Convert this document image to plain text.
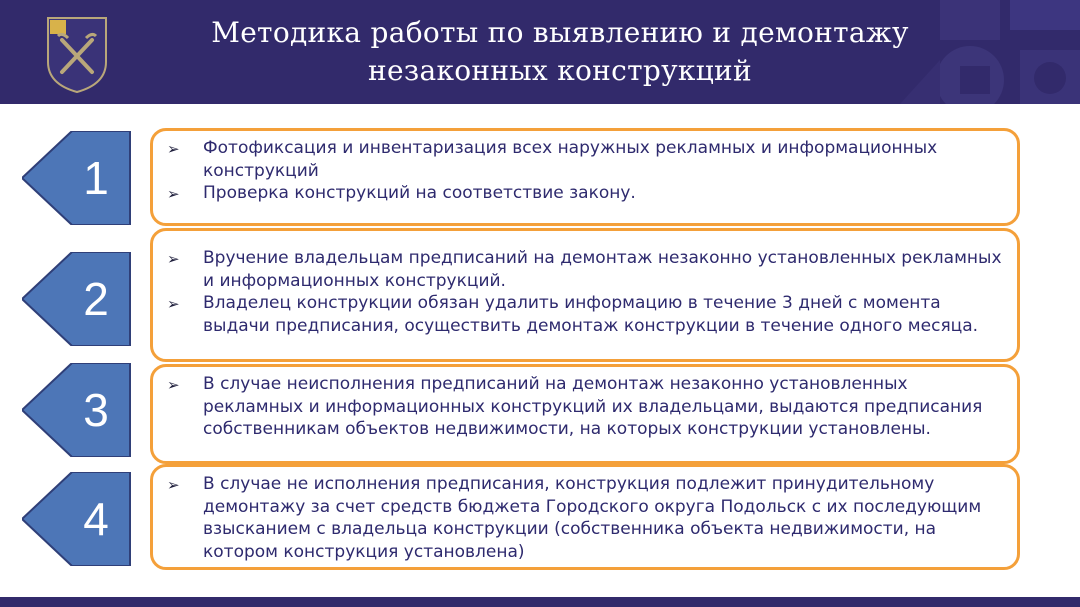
Методика работы по выявлению и демонтажу
незаконных конструкций
1
➢	Фотофиксация и инвентаризация всех наружных рекламных и информационных конструкций
➢	Проверка конструкций на соответствие закону.
2
➢	Вручение владельцам предписаний на демонтаж незаконно установленных рекламных и информационных конструкций.
➢	Владелец конструкции обязан удалить информацию в течение 3 дней с момента выдачи предписания, осуществить демонтаж конструкции в течение одного месяца.
3	➢	В случае неисполнения предписаний на демонтаж незаконно установленных рекламных и информационных конструкций их владельцами, выдаются предписания собственникам объектов недвижимости, на которых конструкции установлены.
4
➢	В случае не исполнения предписания, конструкция подлежит принудительному демонтажу за счет средств бюджета Городского округа Подольск с их последующим взысканием с владельца конструкции (собственника объекта недвижимости, на котором конструкция установлена)
